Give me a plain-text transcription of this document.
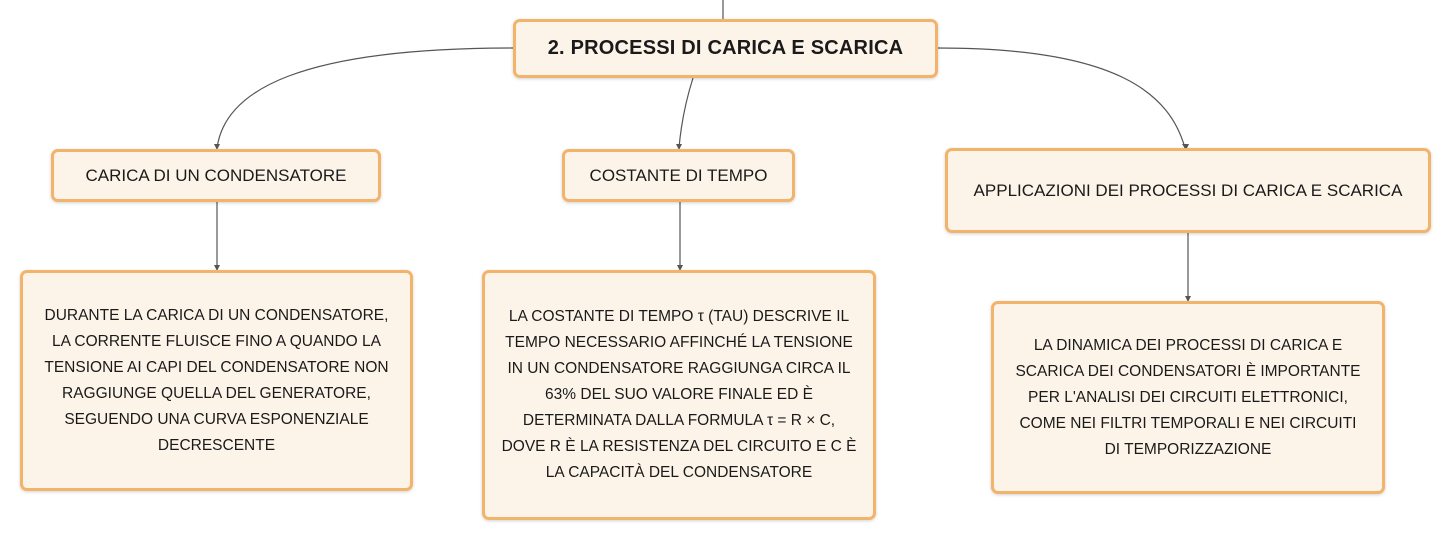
2. PROCESSI DI CARICA E SCARICA
CARICA DI UN CONDENSATORE	COSTANTE DI TEMPO
APPLICAZIONI DEI PROCESSI DI CARICA E SCARICA
DURANTE LA CARICA DI UN CONDENSATORE,
LA CORRENTE FLUISCE FINO A QUANDO LA
TENSIONE AI CAPI DEL CONDENSATORE NON
RAGGIUNGE QUELLA DEL GENERATORE,
SEGUENDO UNA CURVA ESPONENZIALE
DECRESCENTE
LA COSTANTE DI TEMPO τ (TAU) DESCRIVE IL
TEMPO NECESSARIO AFFINCHÉ LA TENSIONE
IN UN CONDENSATORE RAGGIUNGA CIRCA IL
63% DEL SUO VALORE FINALE ED È
DETERMINATA DALLA FORMULA τ = R × C,
DOVE R È LA RESISTENZA DEL CIRCUITO E C È
LA CAPACITÀ DEL CONDENSATORE
LA DINAMICA DEI PROCESSI DI CARICA E
SCARICA DEI CONDENSATORI È IMPORTANTE
PER L'ANALISI DEI CIRCUITI ELETTRONICI,
COME NEI FILTRI TEMPORALI E NEI CIRCUITI
DI TEMPORIZZAZIONE
